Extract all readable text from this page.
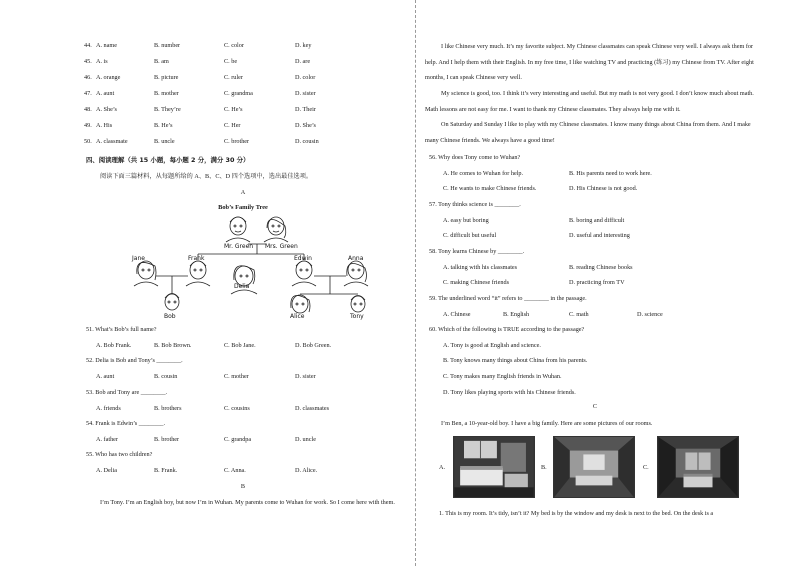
44. A. name	B. number	C. color	D. key
45. A. is	B. am	C. be	D. are
46. A. orange	B. picture	C. ruler	D. color
47. A. aunt	B. mother	C. grandma	D. sister
48. A. She’s	B. They’re	C. He’s	D. Their
49. A. His	B. He’s	C. Her	D. She’s
50. A. classmate	B. uncle	C. brother	D. cousin
四、阅读理解（共 15 小题，每小题 2 分，满分 30 分）
阅读下面三篇材料，从每题所给的 A、B、C、D 四个选项中，选出最佳选项。
A
Bob’s Family Tree
Mr. Green Mrs. Green
Jane	Frank	Edwin	Anna
Delia
Bob	Alice	Tony
51. What’s Bob’s full name?
A. Bob Frank.	B. Bob Brown.	C. Bob Jane.	D. Bob Green.
52. Delia is Bob and Tony’s ________.
A. aunt	B. cousin	C. mother	D. sister
53. Bob and Tony are ________.
A. friends	B. brothers	C. cousins	D. classmates
54. Frank is Edwin’s ________.
A. father	B. brother	C. grandpa	D. uncle
55. Who has two children?
A. Delia	B. Frank.	C. Anna.	D. Alice.
B
I’m Tony. I’m an English boy, but now I’m in Wuhan. My parents come to Wuhan for work. So I come here with them.
I like Chinese very much. It’s my favorite subject. My Chinese classmates can speak Chinese very well. I always ask them for help. And I help them with their English. In my free time, I like watching TV and practicing (练习) my Chinese from TV. After eight months, I can speak Chinese very well.
My science is good, too. I think it’s very interesting and useful. But my math is not very good. I don’t know much about math. Math lessons are not easy for me. I want to thank my Chinese classmates. They always help me with it.
On Saturday and Sunday I like to play with my Chinese classmates. I know many things about China from them. And I make many Chinese friends. We always have a good time!
56. Why does Tony come to Wuhan?
A. He comes to Wuhan for help.	B. His parents need to work here.
C. He wants to make Chinese friends.	D. His Chinese is not good.
57. Tony thinks science is ________.
A. easy but boring	B. boring and difficult
C. difficult but useful	D. useful and interesting
58. Tony learns Chinese by ________.
A. talking with his classmates	B. reading Chinese books
C. making Chinese friends	D. practicing from TV
59. The underlined word “it” refers to ________ in the passage.
A. Chinese	B. English	C. math	D. science
60. Which of the following is TRUE according to the passage?
A. Tony is good at English and science.
B. Tony knows many things about China from his parents.
C. Tony makes many English friends in Wuhan.
D. Tony likes playing sports with his Chinese friends.
C
I’m Ben, a 10-year-old boy. I have a big family. Here are some pictures of our rooms.
A.	B.	C.
1. This is my room. It’s tidy, isn’t it? My bed is by the window and my desk is next to the bed. On the desk is a
